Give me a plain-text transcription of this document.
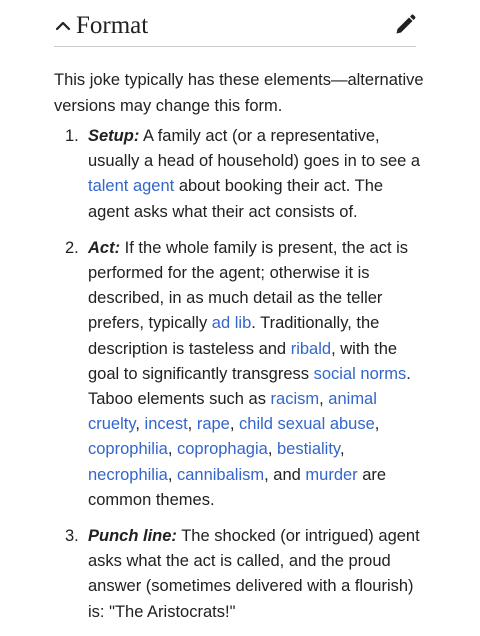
Format

This joke typically has these elements—alternative versions may change this form.

1. Setup: A family act (or a representative, usually a head of household) goes in to see a talent agent about booking their act. The agent asks what their act consists of.
2. Act: If the whole family is present, the act is performed for the agent; otherwise it is described, in as much detail as the teller prefers, typically ad lib. Traditionally, the description is tasteless and ribald, with the goal to significantly transgress social norms. Taboo elements such as racism, animal cruelty, incest, rape, child sexual abuse, coprophilia, coprophagia, bestiality, necrophilia, cannibalism, and murder are common themes.
3. Punch line: The shocked (or intrigued) agent asks what the act is called, and the proud answer (sometimes delivered with a flourish) is: "The Aristocrats!"
